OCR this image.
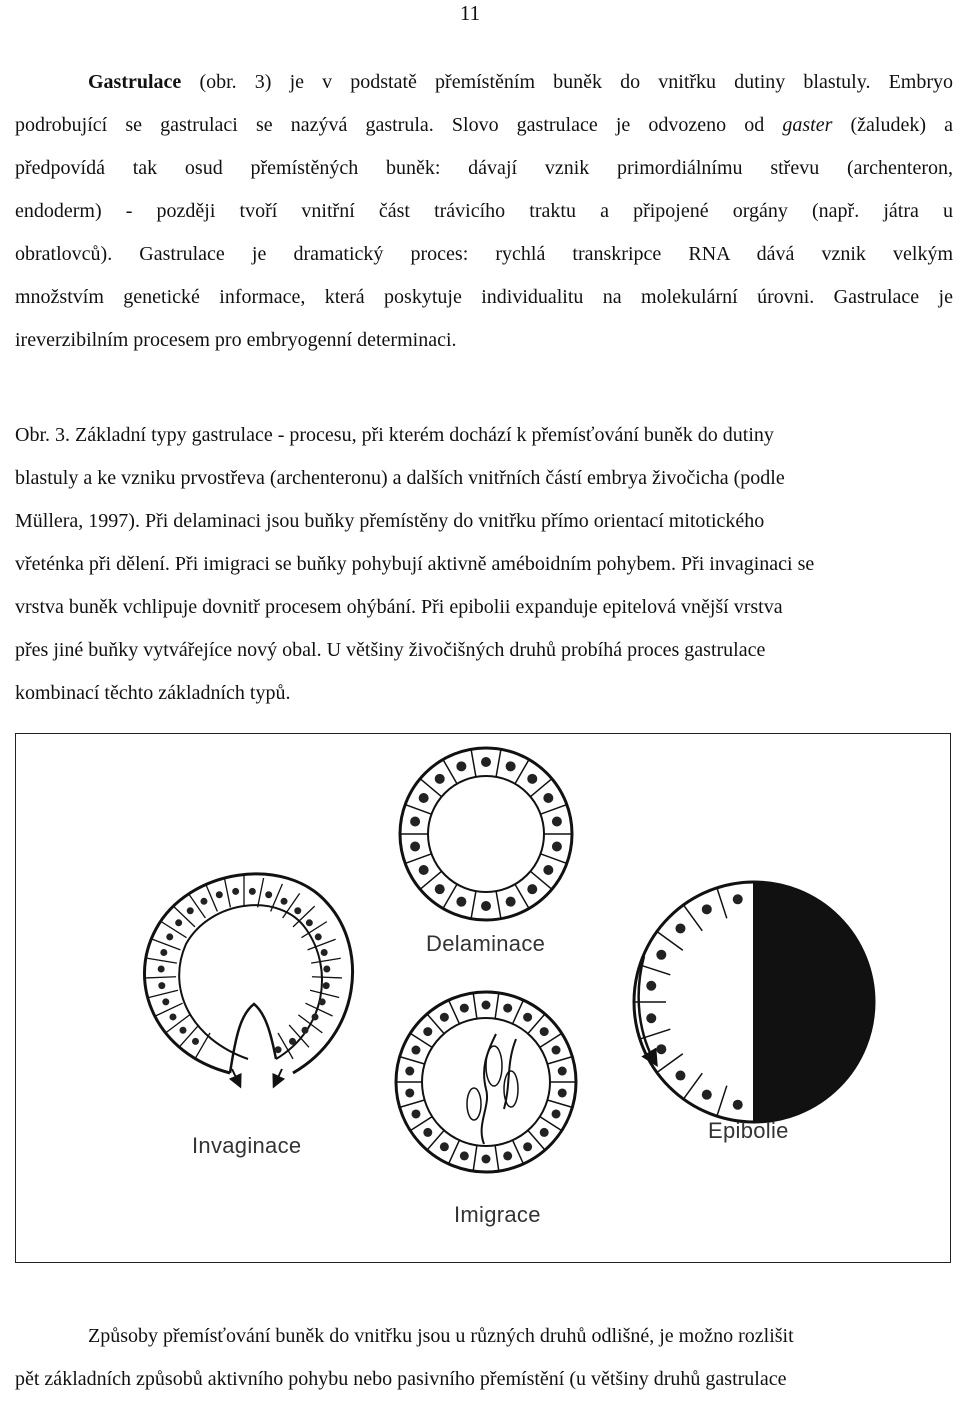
11
Gastrulace (obr. 3) je v podstatě přemístěním buněk do vnitřku dutiny blastuly. Embryo
podrobující se gastrulaci se nazývá gastrula. Slovo gastrulace je odvozeno od gaster (žaludek) a
předpovídá tak osud přemístěných buněk: dávají vznik primordiálnímu střevu (archenteron,
endoderm) - později tvoří vnitřní část trávicího traktu a připojené orgány (např. játra u
obratlovců). Gastrulace je dramatický proces: rychlá transkripce RNA dává vznik velkým
množstvím genetické informace, která poskytuje individualitu na molekulární úrovni. Gastrulace je
ireverzibilním procesem pro embryogenní determinaci.
Obr. 3. Základní typy gastrulace - procesu, při kterém dochází k přemísťování buněk do dutiny
blastuly a ke vzniku prvostřeva (archenteronu) a dalších vnitřních částí embrya živočicha (podle
Müllera, 1997). Při delaminaci jsou buňky přemístěny do vnitřku přímo orientací mitotického
vřeténka při dělení. Při imigraci se buňky pohybují aktivně améboidním pohybem. Při invaginaci se
vrstva buněk vchlipuje dovnitř procesem ohýbání. Při epibolii expanduje epitelová vnější vrstva
přes jiné buňky vytvářejíce nový obal. U většiny živočišných druhů probíhá proces gastrulace
kombinací těchto základních typů.
Delaminace
Invaginace
Epibolie
Imigrace
Způsoby přemísťování buněk do vnitřku jsou u různých druhů odlišné, je možno rozlišit
pět základních způsobů aktivního pohybu nebo pasivního přemístění (u většiny druhů gastrulace
